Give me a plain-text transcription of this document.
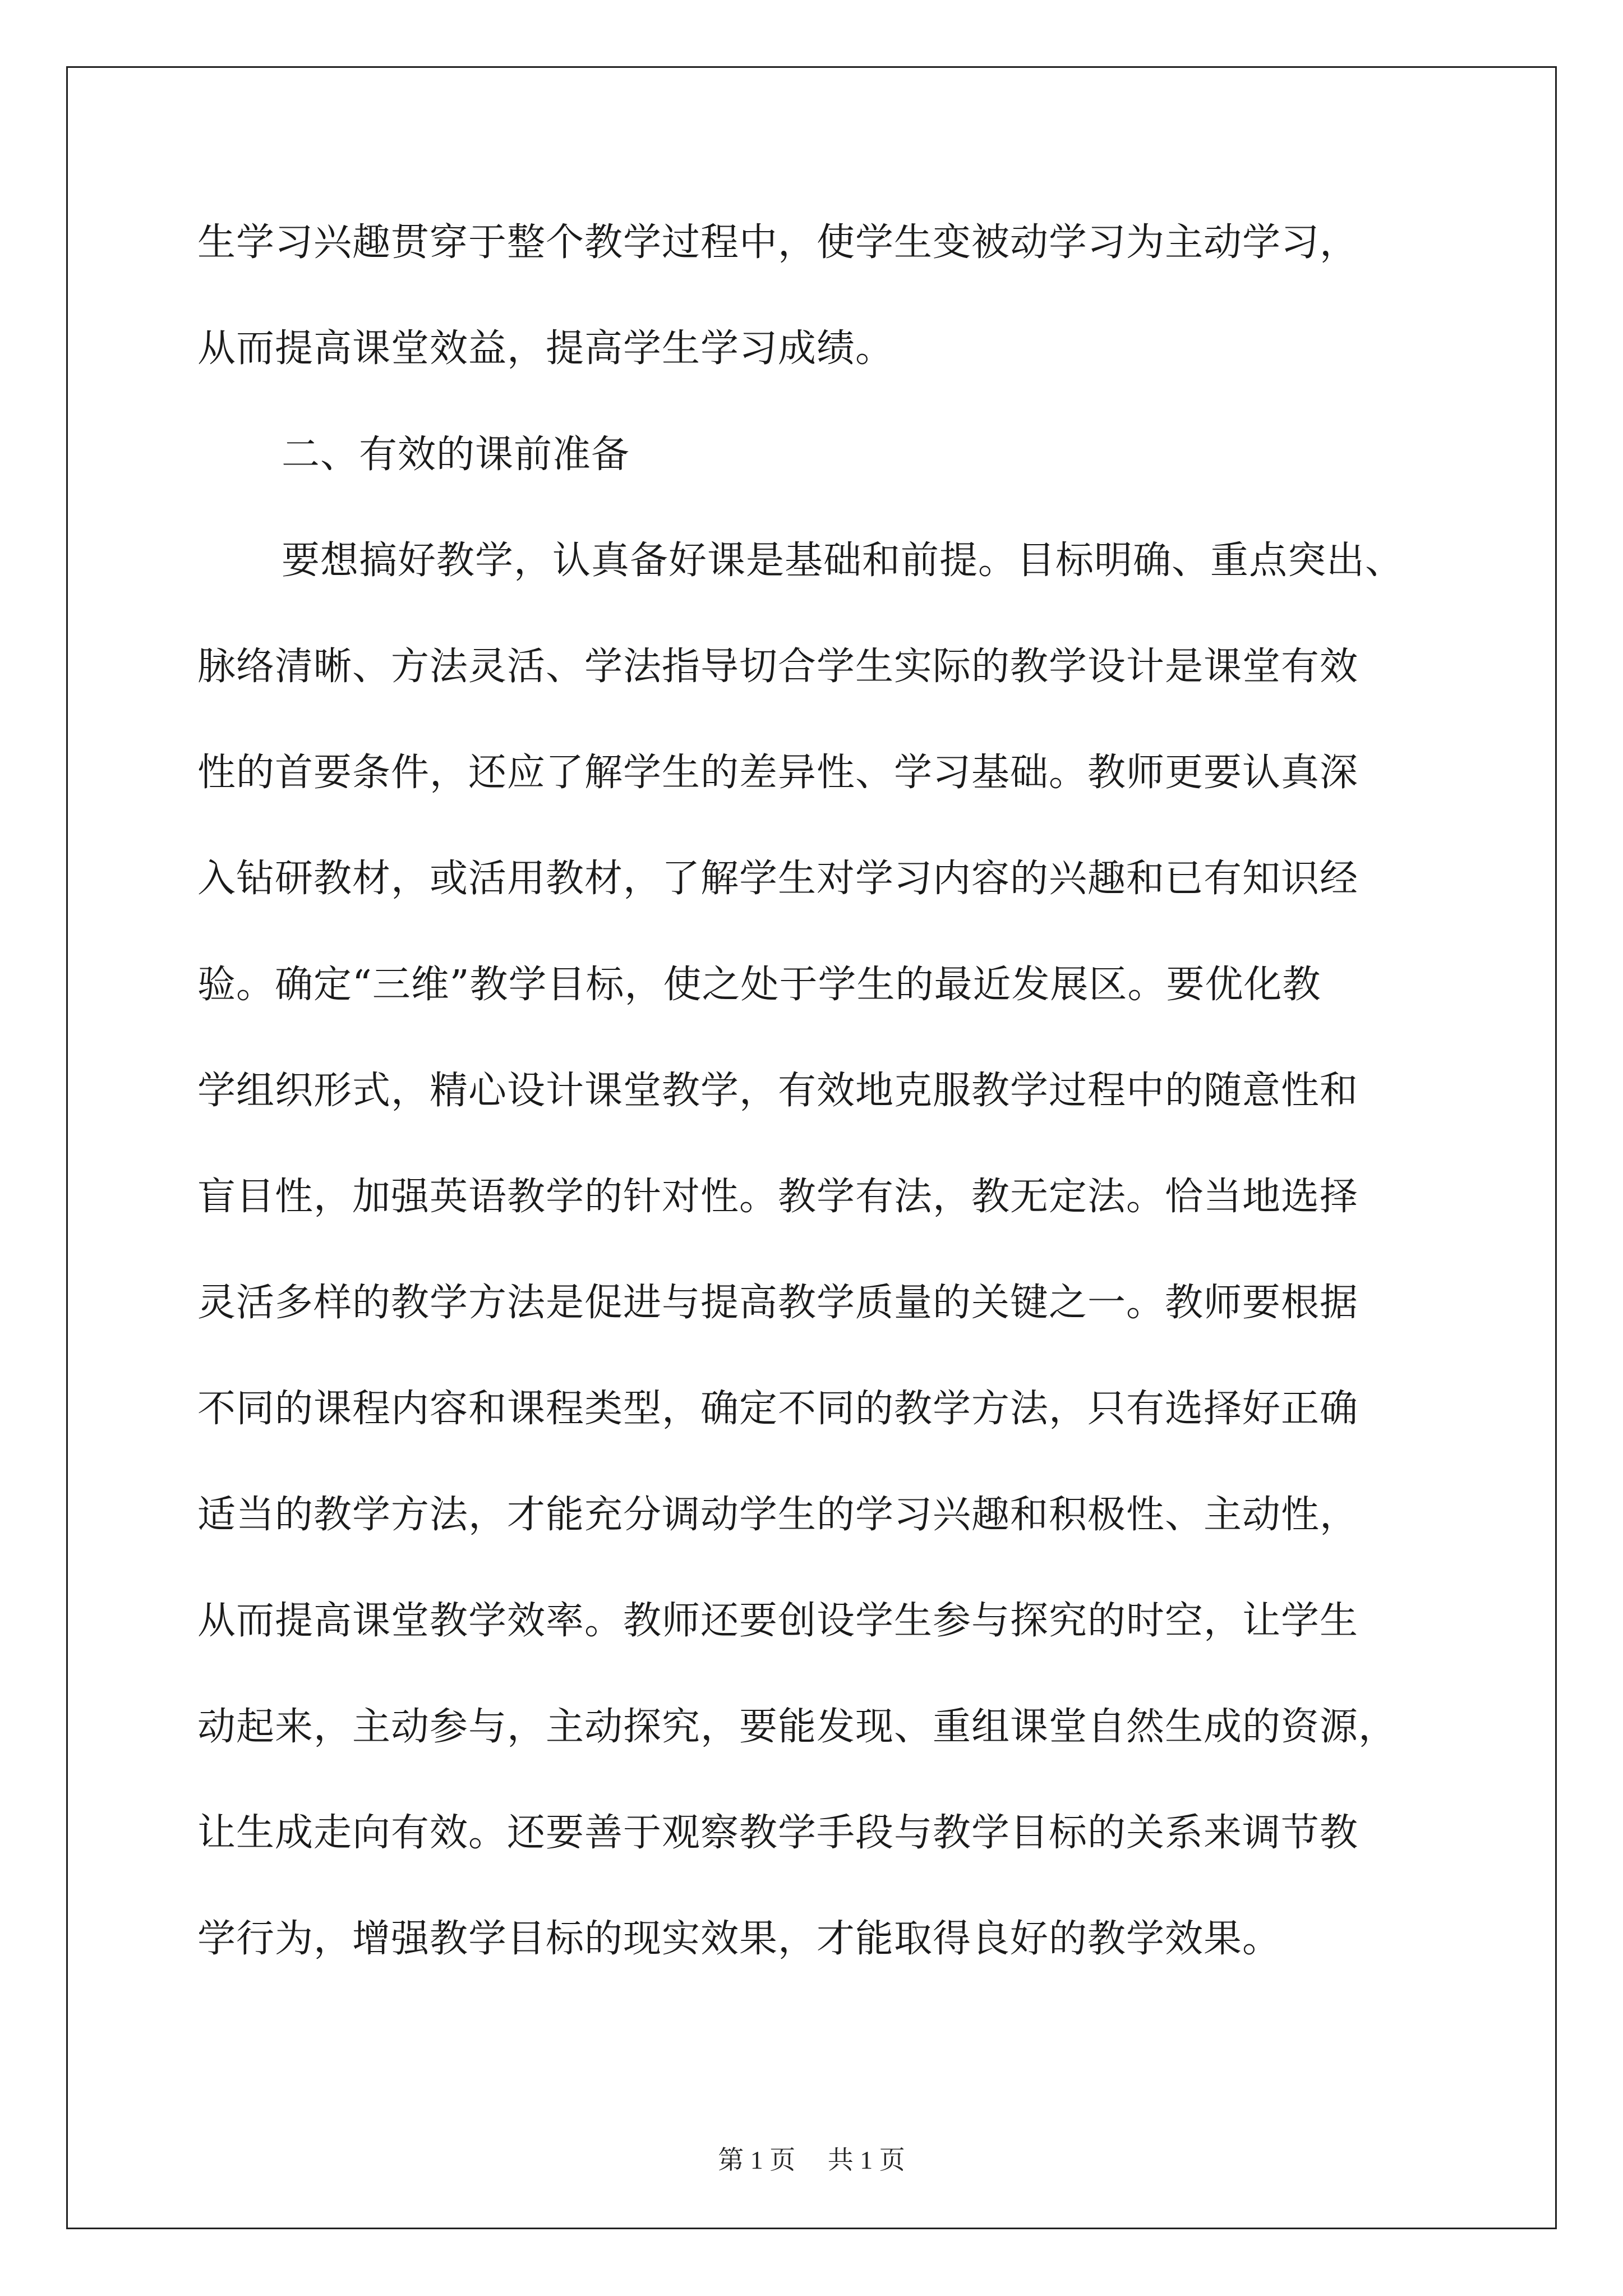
生学习兴趣贯穿于整个教学过程中，使学生变被动学习为主动学习，
从而提高课堂效益，提高学生学习成绩。
二、有效的课前准备
要想搞好教学，认真备好课是基础和前提。目标明确、重点突出、
脉络清晰、方法灵活、学法指导切合学生实际的教学设计是课堂有效
性的首要条件，还应了解学生的差异性、学习基础。教师更要认真深
入钻研教材，或活用教材，了解学生对学习内容的兴趣和已有知识经
验。确定“三维”教学目标，使之处于学生的最近发展区。要优化教
学组织形式，精心设计课堂教学，有效地克服教学过程中的随意性和
盲目性，加强英语教学的针对性。教学有法，教无定法。恰当地选择
灵活多样的教学方法是促进与提高教学质量的关键之一。教师要根据
不同的课程内容和课程类型，确定不同的教学方法，只有选择好正确
适当的教学方法，才能充分调动学生的学习兴趣和积极性、主动性，
从而提高课堂教学效率。教师还要创设学生参与探究的时空，让学生
动起来，主动参与，主动探究，要能发现、重组课堂自然生成的资源，
让生成走向有效。还要善于观察教学手段与教学目标的关系来调节教
学行为，增强教学目标的现实效果，才能取得良好的教学效果。
第 1 页　 共 1 页
